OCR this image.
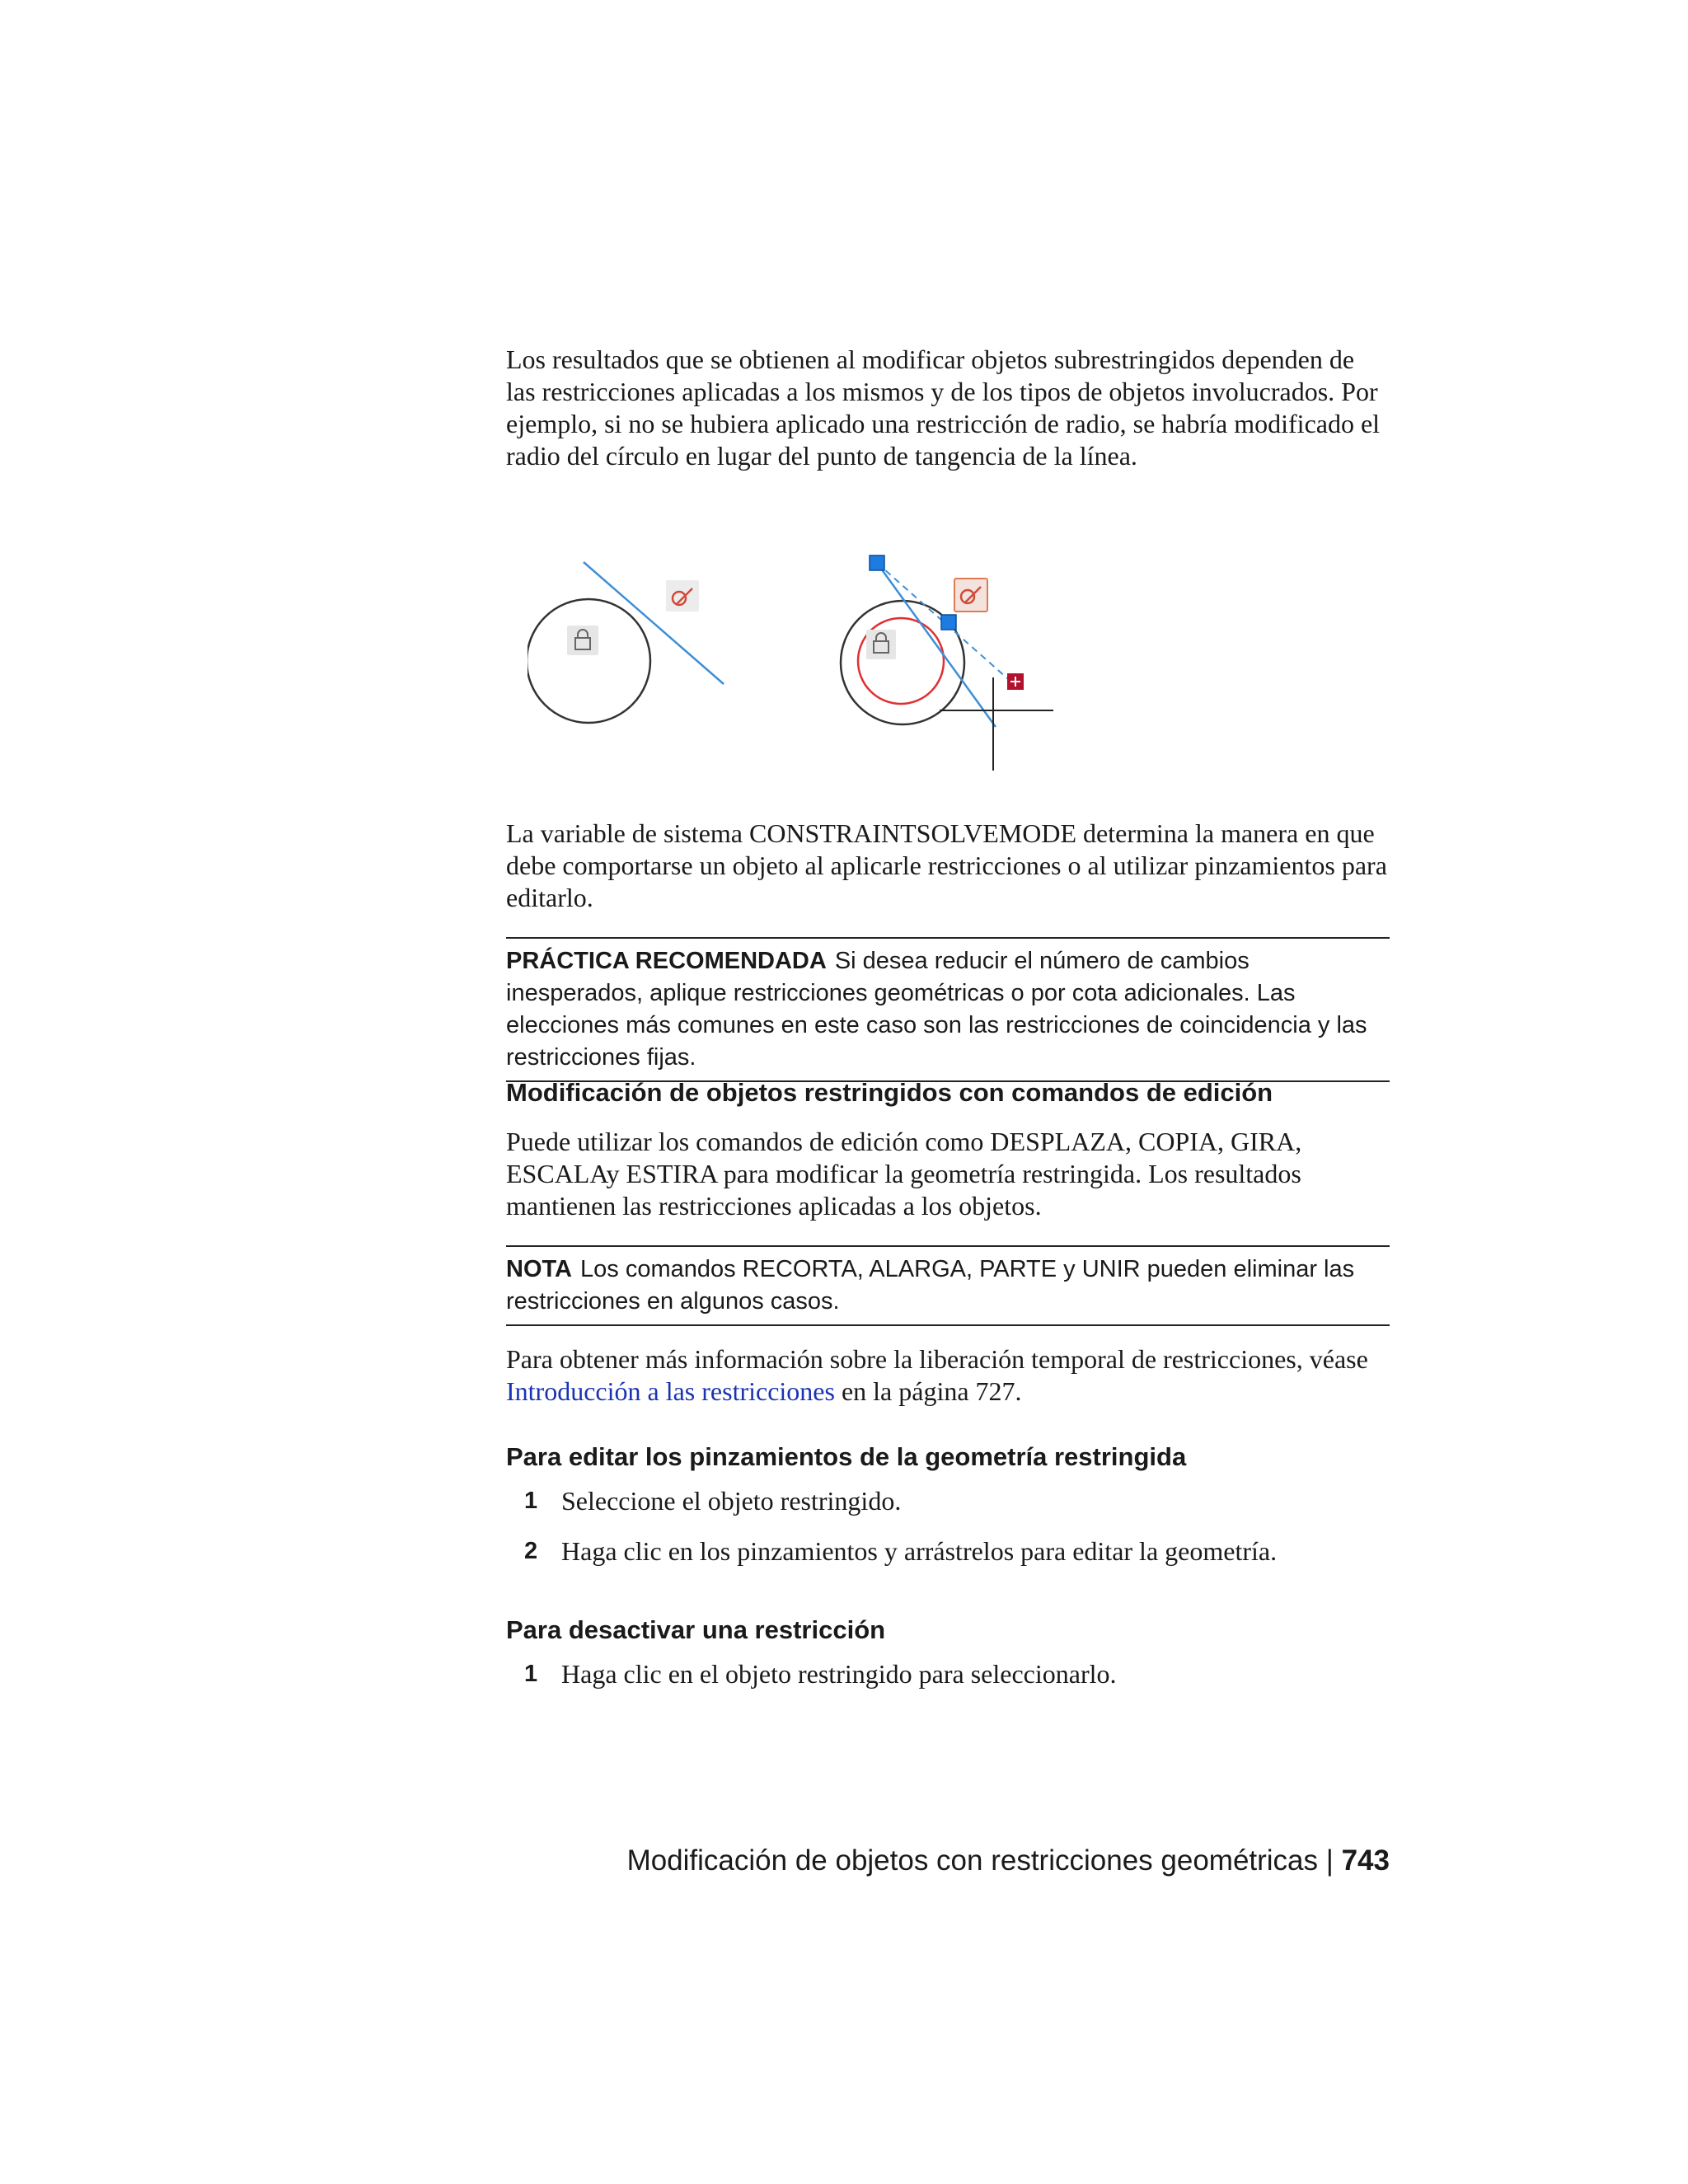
Los resultados que se obtienen al modificar objetos subrestringidos dependen de las restricciones aplicadas a los mismos y de los tipos de objetos involucrados. Por ejemplo, si no se hubiera aplicado una restricción de radio, se habría modificado el radio del círculo en lugar del punto de tangencia de la línea.

La variable de sistema CONSTRAINTSOLVEMODE determina la manera en que debe comportarse un objeto al aplicarle restricciones o al utilizar pinzamientos para editarlo.

PRÁCTICA RECOMENDADA Si desea reducir el número de cambios inesperados, aplique restricciones geométricas o por cota adicionales. Las elecciones más comunes en este caso son las restricciones de coincidencia y las restricciones fijas.

Modificación de objetos restringidos con comandos de edición

Puede utilizar los comandos de edición como DESPLAZA, COPIA, GIRA, ESCALAy ESTIRA para modificar la geometría restringida. Los resultados mantienen las restricciones aplicadas a los objetos.

NOTA Los comandos RECORTA, ALARGA, PARTE y UNIR pueden eliminar las restricciones en algunos casos.

Para obtener más información sobre la liberación temporal de restricciones, véase Introducción a las restricciones en la página 727.

Para editar los pinzamientos de la geometría restringida

1 Seleccione el objeto restringido.
2 Haga clic en los pinzamientos y arrástrelos para editar la geometría.

Para desactivar una restricción

1 Haga clic en el objeto restringido para seleccionarlo.
Modificación de objetos con restricciones geométricas | 743
